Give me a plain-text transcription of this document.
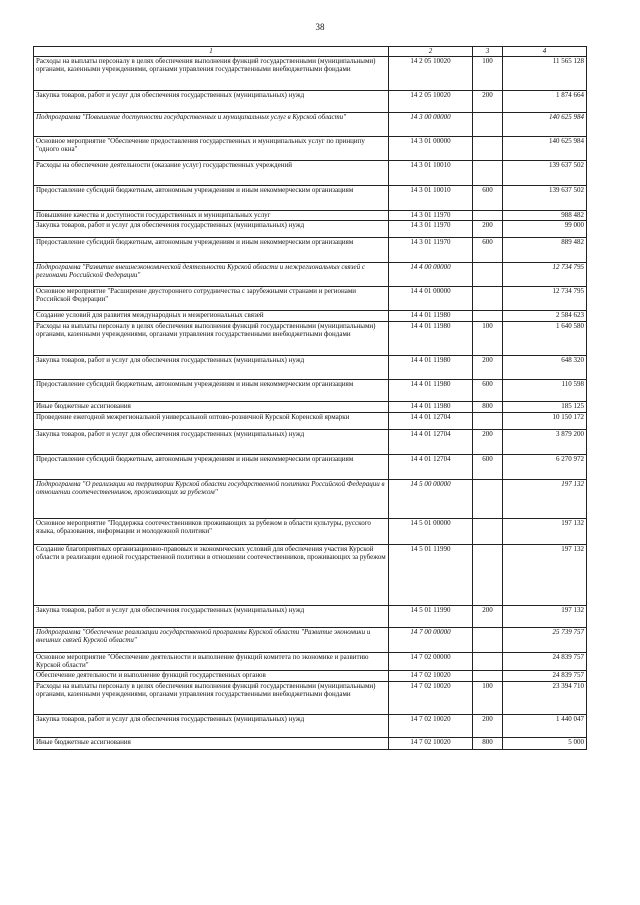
38
1	2	3	4
Расходы на выплаты персоналу в целях обеспечения выполнения функций государственными (муниципальными) органами, казенными учреждениями, органами управления государственными внебюджетными фондами	14 2 05 10020	100	11 565 128
Закупка товаров, работ и услуг для обеспечения государственных (муниципальных) нужд	14 2 05 10020	200	1 874 664
Подпрограмма "Повышение доступности государственных и муниципальных услуг в Курской области"	14 3 00 00000		140 625 984
Основное мероприятие "Обеспечение предоставления государственных и муниципальных услуг по принципу "одного окна"	14 3 01 00000		140 625 984
Расходы на обеспечение деятельности (оказание услуг) государственных учреждений	14 3 01 10010		139 637 502
Предоставление субсидий бюджетным, автономным учреждениям и иным некоммерческим организациям	14 3 01 10010	600	139 637 502
Повышение качества и доступности государственных и муниципальных услуг	14 3 01 11970		988 482
Закупка товаров, работ и услуг для обеспечения государственных (муниципальных) нужд	14 3 01 11970	200	99 000
Предоставление субсидий бюджетным, автономным учреждениям и иным некоммерческим организациям	14 3 01 11970	600	889 482
Подпрограмма "Развитие внешнеэкономической деятельности Курской области и межрегиональных связей с регионами Российской Федерации"	14 4 00 00000		12 734 795
Основное мероприятие "Расширение двустороннего сотрудничества с зарубежными странами и регионами Российской Федерации"	14 4 01 00000		12 734 795
Создание условий для развития международных и межрегиональных связей	14 4 01 11980		2 584 623
Расходы на выплаты персоналу в целях обеспечения выполнения функций государственными (муниципальными) органами, казенными учреждениями, органами управления государственными внебюджетными фондами	14 4 01 11980	100	1 640 580
Закупка товаров, работ и услуг для обеспечения государственных (муниципальных) нужд	14 4 01 11980	200	648 320
Предоставление субсидий бюджетным, автономным учреждениям и иным некоммерческим организациям	14 4 01 11980	600	110 598
Иные бюджетные ассигнования	14 4 01 11980	800	185 125
Проведение ежегодной межрегиональной универсальной оптово-розничной Курской Коренской ярмарки	14 4 01 12704		10 150 172
Закупка товаров, работ и услуг для обеспечения государственных (муниципальных) нужд	14 4 01 12704	200	3 879 200
Предоставление субсидий бюджетным, автономным учреждениям и иным некоммерческим организациям	14 4 01 12704	600	6 270 972
Подпрограмма "О реализации на территории Курской области государственной политики Российской Федерации в отношении соотечественников, проживающих за рубежом"	14 5 00 00000		197 132
Основное мероприятие "Поддержка соотечественников проживающих за рубежом в области культуры, русского языка, образования, информации и молодежной политики"	14 5 01 00000		197 132
Создание благоприятных организационно-правовых и экономических условий для обеспечения участия Курской области в реализации единой государственной политики в отношении соотечественников, проживающих за рубежом	14 5 01 11990		197 132
Закупка товаров, работ и услуг для обеспечения государственных (муниципальных) нужд	14 5 01 11990	200	197 132
Подпрограмма "Обеспечение реализации государственной программы Курской области "Развитие экономики и внешних связей Курской области"	14 7 00 00000		25 739 757
Основное мероприятие "Обеспечение деятельности и выполнение функций комитета по экономике и развитию Курской области"	14 7 02 00000		24 839 757
Обеспечение деятельности и выполнение функций государственных органов	14 7 02 10020		24 839 757
Расходы на выплаты персоналу в целях обеспечения выполнения функций государственными (муниципальными) органами, казенными учреждениями, органами управления государственными внебюджетными фондами	14 7 02 10020	100	23 394 710
Закупка товаров, работ и услуг для обеспечения государственных (муниципальных) нужд	14 7 02 10020	200	1 440 047
Иные бюджетные ассигнования	14 7 02 10020	800	5 000
